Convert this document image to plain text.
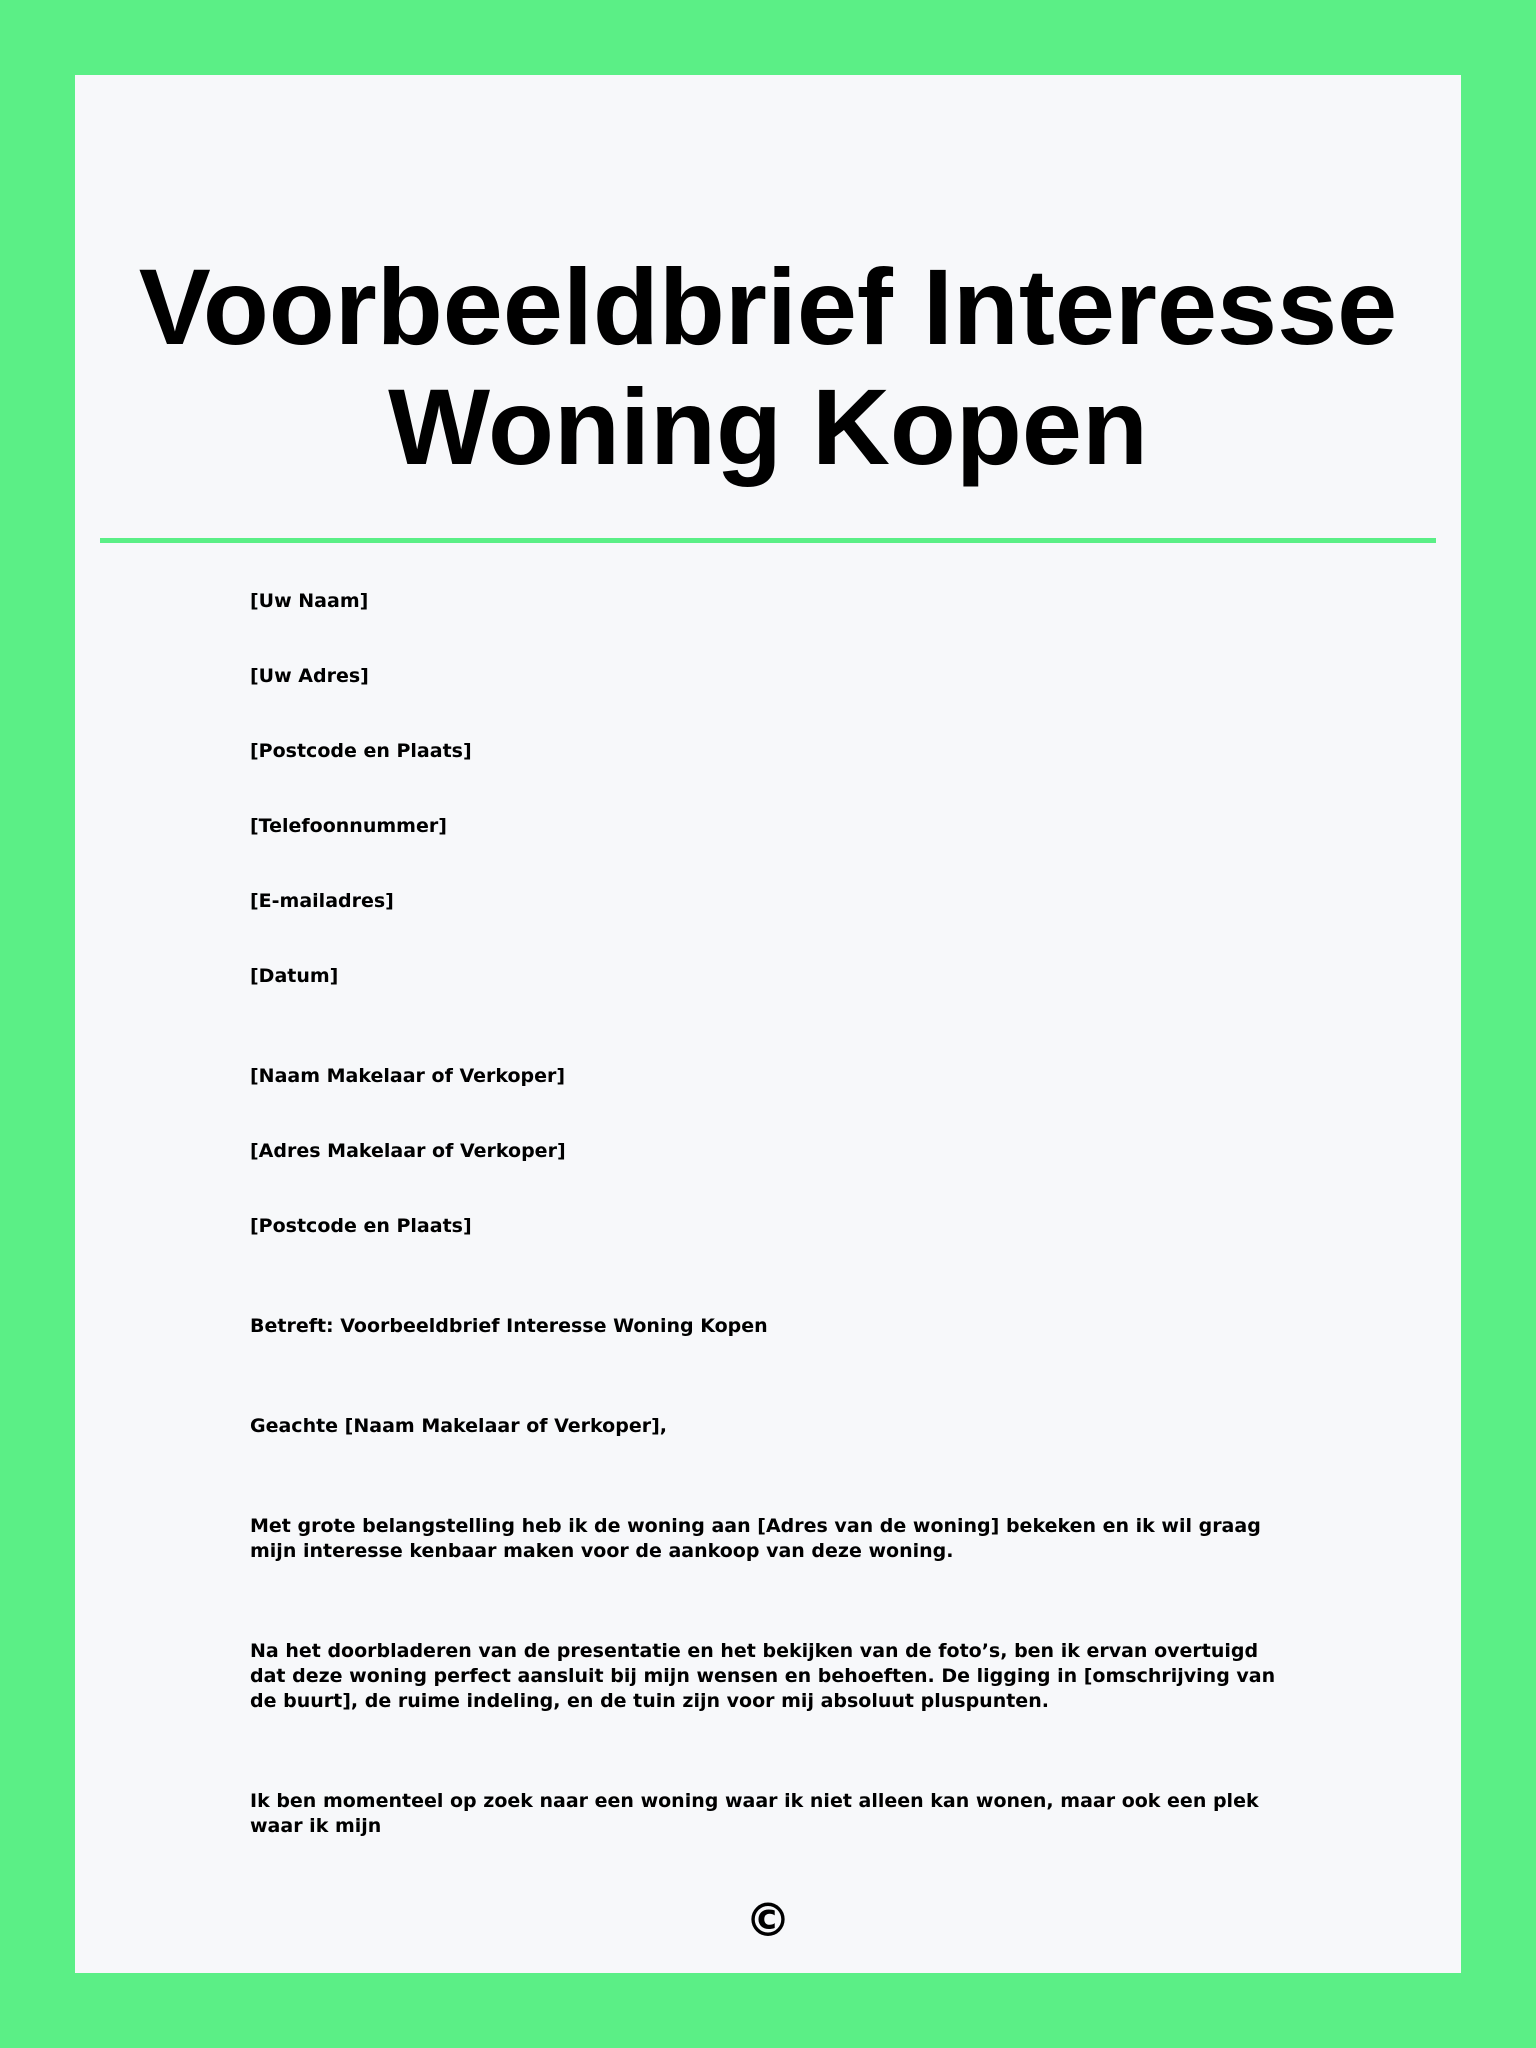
Voorbeeldbrief Interesse
Woning Kopen

[Uw Naam]

[Uw Adres]

[Postcode en Plaats]

[Telefoonnummer]

[E-mailadres]

[Datum]

[Naam Makelaar of Verkoper]

[Adres Makelaar of Verkoper]

[Postcode en Plaats]

Betreft: Voorbeeldbrief Interesse Woning Kopen

Geachte [Naam Makelaar of Verkoper],

Met grote belangstelling heb ik de woning aan [Adres van de woning] bekeken en ik wil graag mijn interesse kenbaar maken voor de aankoop van deze woning.

Na het doorbladeren van de presentatie en het bekijken van de foto’s, ben ik ervan overtuigd dat deze woning perfect aansluit bij mijn wensen en behoeften. De ligging in [omschrijving van de buurt], de ruime indeling, en de tuin zijn voor mij absoluut pluspunten.

Ik ben momenteel op zoek naar een woning waar ik niet alleen kan wonen, maar ook een plek waar ik mijn

©
